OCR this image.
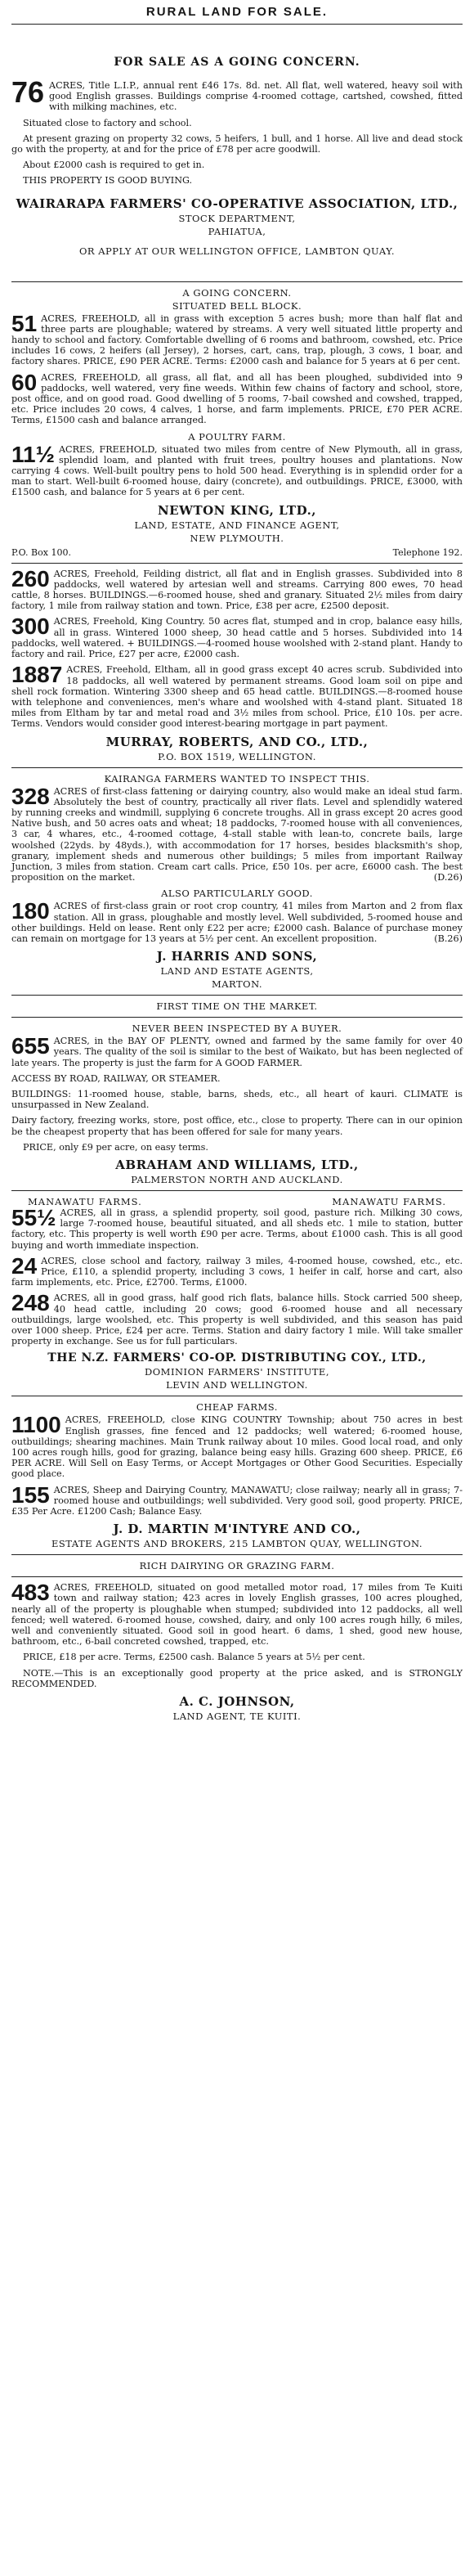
RURAL LAND FOR SALE.
FOR SALE AS A GOING CONCERN.
76 ACRES, Title L.I.P., annual rent £46 17s. 8d. net. All flat, well watered, heavy soil with good English grasses. Buildings comprise 4-roomed cottage, cartshed, cowshed, fitted with milking machines, etc.
Situated close to factory and school.
At present grazing on property 32 cows, 5 heifers, 1 bull, and 1 horse. All live and dead stock go with the property, at and for the price of £78 per acre goodwill.
About £2000 cash is required to get in.
THIS PROPERTY IS GOOD BUYING.
WAIRARAPA FARMERS' CO-OPERATIVE ASSOCIATION, LTD.,
STOCK DEPARTMENT,
PAHIATUA,
OR APPLY AT OUR WELLINGTON OFFICE, LAMBTON QUAY.
A GOING CONCERN.
SITUATED BELL BLOCK.
51 ACRES, FREEHOLD, all in grass with exception 5 acres bush; more than half flat and three parts are ploughable; watered by streams. A very well situated little property and handy to school and factory. Comfortable dwelling of 6 rooms and bathroom, cowshed, etc. Price includes 16 cows, 2 heifers (all Jersey), 2 horses, cart, cans, trap, plough, 3 cows, 1 boar, and factory shares. PRICE, £90 PER ACRE. Terms: £2000 cash and balance for 5 years at 6 per cent.
60 ACRES, FREEHOLD, all grass, all flat, and all has been ploughed, subdivided into 9 paddocks, well watered, very fine weeds. Within few chains of factory and school, store, post office, and on good road. Good dwelling of 5 rooms, 7-bail cowshed and cowshed, trapped, etc. Price includes 20 cows, 4 calves, 1 horse, and farm implements. PRICE, £70 PER ACRE. Terms, £1500 cash and balance arranged.
A POULTRY FARM.
11½ ACRES, FREEHOLD, situated two miles from centre of New Plymouth, all in grass, splendid loam, and planted with fruit trees, poultry houses and plantations. Now carrying 4 cows. Well-built poultry pens to hold 500 head. Everything is in splendid order for a man to start. Well-built 6-roomed house, dairy (concrete), and outbuildings. PRICE, £3000, with £1500 cash, and balance for 5 years at 6 per cent.
NEWTON KING, LTD.,
LAND, ESTATE, AND FINANCE AGENT,
NEW PLYMOUTH.
P.O. Box 100.	Telephone 192.
260 ACRES, Freehold, Feilding district, all flat and in English grasses. Subdivided into 8 paddocks, well watered by artesian well and streams. Carrying 800 ewes, 70 head cattle, 8 horses. BUILDINGS.—6-roomed house, shed and granary. Situated 2½ miles from dairy factory, 1 mile from railway station and town. Price, £38 per acre, £2500 deposit.
300 ACRES, Freehold, King Country. 50 acres flat, stumped and in crop, balance easy hills, all in grass. Wintered 1000 sheep, 30 head cattle and 5 horses. Subdivided into 14 paddocks, well watered. + BUILDINGS.—4-roomed house woolshed with 2-stand plant. Handy to factory and rail. Price, £27 per acre, £2000 cash.
1887 ACRES, Freehold, Eltham, all in good grass except 40 acres scrub. Subdivided into 18 paddocks, all well watered by permanent streams. Good loam soil on pipe and shell rock formation. Wintering 3300 sheep and 65 head cattle. BUILDINGS.—8-roomed house with telephone and conveniences, men's whare and woolshed with 4-stand plant. Situated 18 miles from Eltham by tar and metal road and 3½ miles from school. Price, £10 10s. per acre. Terms. Vendors would consider good interest-bearing mortgage in part payment.
MURRAY, ROBERTS, AND CO., LTD.,
P.O. BOX 1519, WELLINGTON.
KAIRANGA FARMERS WANTED TO INSPECT THIS.
328 ACRES of first-class fattening or dairying country, also would make an ideal stud farm. Absolutely the best of country, practically all river flats. Level and splendidly watered by running creeks and windmill, supplying 6 concrete troughs. All in grass except 20 acres good Native bush, and 50 acres oats and wheat; 18 paddocks, 7-roomed house with all conveniences, 3 car, 4 whares, etc., 4-roomed cottage, 4-stall stable with lean-to, concrete bails, large woolshed (22yds. by 48yds.), with accommodation for 17 horses, besides blacksmith's shop, granary, implement sheds and numerous other buildings; 5 miles from important Railway Junction, 3 miles from station. Cream cart calls. Price, £50 10s. per acre, £6000 cash. The best proposition on the market.	(D.26)
ALSO PARTICULARLY GOOD.
180 ACRES of first-class grain or root crop country, 41 miles from Marton and 2 from flax station. All in grass, ploughable and mostly level. Well subdivided, 5-roomed house and other buildings. Held on lease. Rent only £22 per acre; £2000 cash. Balance of purchase money can remain on mortgage for 13 years at 5½ per cent. An excellent proposition.	(B.26)
J. HARRIS AND SONS,
LAND AND ESTATE AGENTS,
MARTON.
FIRST TIME ON THE MARKET.
NEVER BEEN INSPECTED BY A BUYER.
655 ACRES, in the BAY OF PLENTY, owned and farmed by the same family for over 40 years. The quality of the soil is similar to the best of Waikato, but has been neglected of late years. The property is just the farm for A GOOD FARMER.
ACCESS BY ROAD, RAILWAY, OR STEAMER.
BUILDINGS: 11-roomed house, stable, barns, sheds, etc., all heart of kauri. CLIMATE is unsurpassed in New Zealand.
Dairy factory, freezing works, store, post office, etc., close to property. There can in our opinion be the cheapest property that has been offered for sale for many years.
PRICE, only £9 per acre, on easy terms.
ABRAHAM AND WILLIAMS, LTD.,
PALMERSTON NORTH AND AUCKLAND.
MANAWATU FARMS.	MANAWATU FARMS.
55½ ACRES, all in grass, a splendid property, soil good, pasture rich. Milking 30 cows, large 7-roomed house, beautiful situated, and all sheds etc. 1 mile to station, butter factory, etc. This property is well worth £90 per acre. Terms, about £1000 cash. This is all good buying and worth immediate inspection.
24 ACRES, close school and factory, railway 3 miles, 4-roomed house, cowshed, etc., etc. Price, £110, a splendid property, including 3 cows, 1 heifer in calf, horse and cart, also farm implements, etc. Price, £2700. Terms, £1000.
248 ACRES, all in good grass, half good rich flats, balance hills. Stock carried 500 sheep, 40 head cattle, including 20 cows; good 6-roomed house and all necessary outbuildings, large woolshed, etc. This property is well subdivided, and this season has paid over 1000 sheep. Price, £24 per acre. Terms. Station and dairy factory 1 mile. Will take smaller property in exchange. See us for full particulars.
THE N.Z. FARMERS' CO-OP. DISTRIBUTING COY., LTD.,
DOMINION FARMERS' INSTITUTE,
LEVIN AND WELLINGTON.
CHEAP FARMS.
1100 ACRES, FREEHOLD, close KING COUNTRY Township; about 750 acres in best English grasses, fine fenced and 12 paddocks; well watered; 6-roomed house, outbuildings; shearing machines. Main Trunk railway about 10 miles. Good local road, and only 100 acres rough hills, good for grazing, balance being easy hills. Grazing 600 sheep. PRICE, £6 PER ACRE. Will Sell on Easy Terms, or Accept Mortgages or Other Good Securities. Especially good place.
155 ACRES, Sheep and Dairying Country, MANAWATU; close railway; nearly all in grass; 7-roomed house and outbuildings; well subdivided. Very good soil, good property. PRICE, £35 Per Acre. £1200 Cash; Balance Easy.
J. D. MARTIN M'INTYRE AND CO.,
ESTATE AGENTS AND BROKERS, 215 LAMBTON QUAY, WELLINGTON.
RICH DAIRYING OR GRAZING FARM.
483 ACRES, FREEHOLD, situated on good metalled motor road, 17 miles from Te Kuiti town and railway station; 423 acres in lovely English grasses, 100 acres ploughed, nearly all of the property is ploughable when stumped; subdivided into 12 paddocks, all well fenced; well watered. 6-roomed house, cowshed, dairy, and only 100 acres rough hilly, 6 miles, well and conveniently situated. Good soil in good heart. 6 dams, 1 shed, good new house, bathroom, etc., 6-bail concreted cowshed, trapped, etc.
PRICE, £18 per acre. Terms, £2500 cash. Balance 5 years at 5½ per cent.
NOTE.—This is an exceptionally good property at the price asked, and is STRONGLY RECOMMENDED.
A. C. JOHNSON,
LAND AGENT, TE KUITI.
